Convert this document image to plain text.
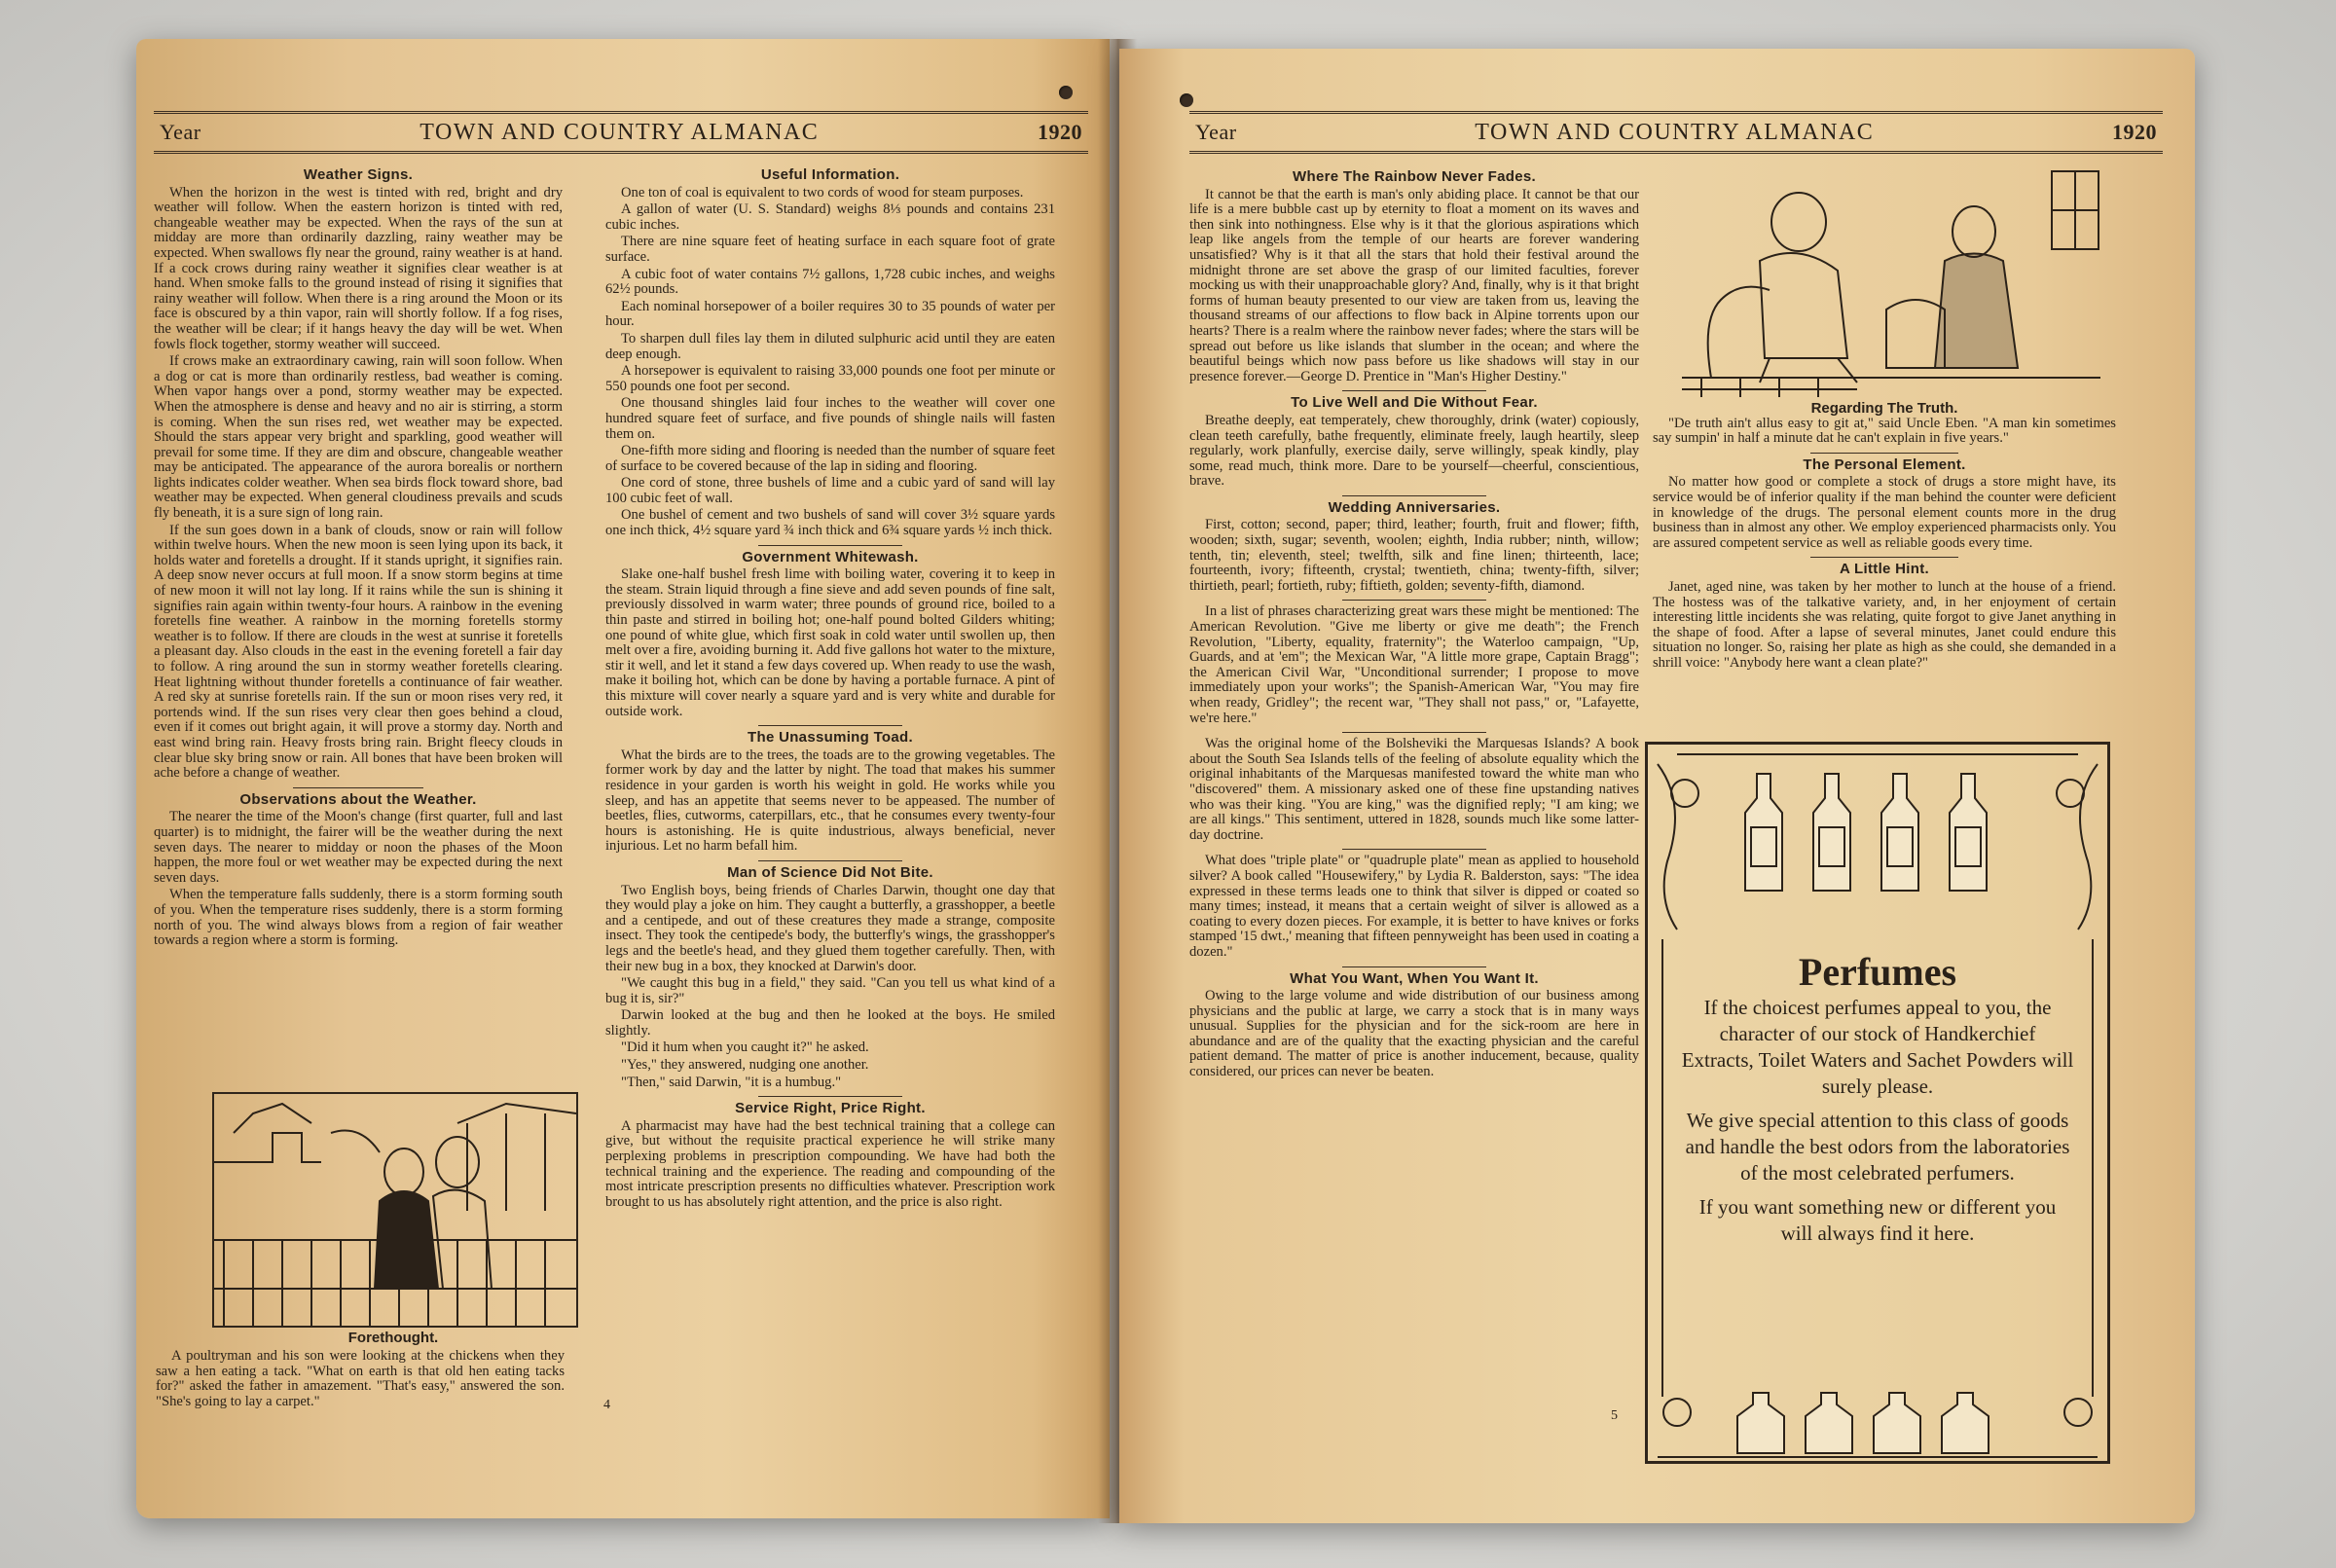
Year	TOWN AND COUNTRY ALMANAC	1920
Weather Signs.

When the horizon in the west is tinted with red, bright and dry weather will follow. When the eastern horizon is tinted with red, changeable weather may be expected. When the rays of the sun at midday are more than ordinarily dazzling, rainy weather may be expected. When swallows fly near the ground, rainy weather is at hand. If a cock crows during rainy weather it signifies clear weather is at hand. When smoke falls to the ground instead of rising it signifies that rainy weather will follow. When there is a ring around the Moon or its face is obscured by a thin vapor, rain will shortly follow. If a fog rises, the weather will be clear; if it hangs heavy the day will be wet. When fowls flock together, stormy weather will succeed.

If crows make an extraordinary cawing, rain will soon follow. When a dog or cat is more than ordinarily restless, bad weather is coming. When vapor hangs over a pond, stormy weather may be expected. When the atmosphere is dense and heavy and no air is stirring, a storm is coming. When the sun rises red, wet weather may be expected. Should the stars appear very bright and sparkling, good weather will prevail for some time. If they are dim and obscure, changeable weather may be anticipated. The appearance of the aurora borealis or northern lights indicates colder weather. When sea birds flock toward shore, bad weather may be expected. When general cloudiness prevails and scuds fly beneath, it is a sure sign of long rain.

If the sun goes down in a bank of clouds, snow or rain will follow within twelve hours. When the new moon is seen lying upon its back, it holds water and foretells a drought. If it stands upright, it signifies rain. A deep snow never occurs at full moon. If a snow storm begins at time of new moon it will not lay long. If it rains while the sun is shining it signifies rain again within twenty-four hours. A rainbow in the evening foretells fine weather. A rainbow in the morning foretells stormy weather is to follow. If there are clouds in the west at sunrise it foretells a pleasant day. Also clouds in the east in the evening foretell a fair day to follow. A ring around the sun in stormy weather foretells clearing. Heat lightning without thunder foretells a continuance of fair weather. A red sky at sunrise foretells rain. If the sun or moon rises very red, it portends wind. If the sun rises very clear then goes behind a cloud, even if it comes out bright again, it will prove a stormy day. North and east wind bring rain. Heavy frosts bring rain. Bright fleecy clouds in clear blue sky bring snow or rain. All bones that have been broken will ache before a change of weather.

Observations about the Weather.

The nearer the time of the Moon's change (first quarter, full and last quarter) is to midnight, the fairer will be the weather during the next seven days. The nearer to midday or noon the phases of the Moon happen, the more foul or wet weather may be expected during the next seven days.

When the temperature falls suddenly, there is a storm forming south of you. When the temperature rises suddenly, there is a storm forming north of you. The wind always blows from a region of fair weather towards a region where a storm is forming.

Forethought.

A poultryman and his son were looking at the chickens when they saw a hen eating a tack. "What on earth is that old hen eating tacks for?" asked the father in amazement. "That's easy," answered the son. "She's going to lay a carpet."

Useful Information.

One ton of coal is equivalent to two cords of wood for steam purposes.

A gallon of water (U. S. Standard) weighs 8⅓ pounds and contains 231 cubic inches.

There are nine square feet of heating surface in each square foot of grate surface.

A cubic foot of water contains 7½ gallons, 1,728 cubic inches, and weighs 62½ pounds.

Each nominal horsepower of a boiler requires 30 to 35 pounds of water per hour.

To sharpen dull files lay them in diluted sulphuric acid until they are eaten deep enough.

A horsepower is equivalent to raising 33,000 pounds one foot per minute or 550 pounds one foot per second.

One thousand shingles laid four inches to the weather will cover one hundred square feet of surface, and five pounds of shingle nails will fasten them on.

One-fifth more siding and flooring is needed than the number of square feet of surface to be covered because of the lap in siding and flooring.

One cord of stone, three bushels of lime and a cubic yard of sand will lay 100 cubic feet of wall.

One bushel of cement and two bushels of sand will cover 3½ square yards one inch thick, 4½ square yard ¾ inch thick and 6¾ square yards ½ inch thick.

Government Whitewash.

Slake one-half bushel fresh lime with boiling water, covering it to keep in the steam. Strain liquid through a fine sieve and add seven pounds of fine salt, previously dissolved in warm water; three pounds of ground rice, boiled to a thin paste and stirred in boiling hot; one-half pound bolted Gilders whiting; one pound of white glue, which first soak in cold water until swollen up, then melt over a fire, avoiding burning it. Add five gallons hot water to the mixture, stir it well, and let it stand a few days covered up. When ready to use the wash, make it boiling hot, which can be done by having a portable furnace. A pint of this mixture will cover nearly a square yard and is very white and durable for outside work.

The Unassuming Toad.

What the birds are to the trees, the toads are to the growing vegetables. The former work by day and the latter by night. The toad that makes his summer residence in your garden is worth his weight in gold. He works while you sleep, and has an appetite that seems never to be appeased. The number of beetles, flies, cutworms, caterpillars, etc., that he consumes every twenty-four hours is astonishing. He is quite industrious, always beneficial, never injurious. Let no harm befall him.

Man of Science Did Not Bite.

Two English boys, being friends of Charles Darwin, thought one day that they would play a joke on him. They caught a butterfly, a grasshopper, a beetle and a centipede, and out of these creatures they made a strange, composite insect. They took the centipede's body, the butterfly's wings, the grasshopper's legs and the beetle's head, and they glued them together carefully. Then, with their new bug in a box, they knocked at Darwin's door.

"We caught this bug in a field," they said. "Can you tell us what kind of a bug it is, sir?"

Darwin looked at the bug and then he looked at the boys. He smiled slightly.

"Did it hum when you caught it?" he asked.

"Yes," they answered, nudging one another.

"Then," said Darwin, "it is a humbug."

Service Right, Price Right.

A pharmacist may have had the best technical training that a college can give, but without the requisite practical experience he will strike many perplexing problems in prescription compounding. We have had both the technical training and the experience. The reading and compounding of the most intricate prescription presents no difficulties whatever. Prescription work brought to us has absolutely right attention, and the price is also right.

4
Year	TOWN AND COUNTRY ALMANAC	1920
Where The Rainbow Never Fades.

It cannot be that the earth is man's only abiding place. It cannot be that our life is a mere bubble cast up by eternity to float a moment on its waves and then sink into nothingness. Else why is it that the glorious aspirations which leap like angels from the temple of our hearts are forever wandering unsatisfied? Why is it that all the stars that hold their festival around the midnight throne are set above the grasp of our limited faculties, forever mocking us with their unapproachable glory? And, finally, why is it that bright forms of human beauty presented to our view are taken from us, leaving the thousand streams of our affections to flow back in Alpine torrents upon our hearts? There is a realm where the rainbow never fades; where the stars will be spread out before us like islands that slumber in the ocean; and where the beautiful beings which now pass before us like shadows will stay in our presence forever.—George D. Prentice in "Man's Higher Destiny."

To Live Well and Die Without Fear.

Breathe deeply, eat temperately, chew thoroughly, drink (water) copiously, clean teeth carefully, bathe frequently, eliminate freely, laugh heartily, sleep regularly, work planfully, exercise daily, serve willingly, speak kindly, play some, read much, think more. Dare to be yourself—cheerful, conscientious, brave.

Wedding Anniversaries.

First, cotton; second, paper; third, leather; fourth, fruit and flower; fifth, wooden; sixth, sugar; seventh, woolen; eighth, India rubber; ninth, willow; tenth, tin; eleventh, steel; twelfth, silk and fine linen; thirteenth, lace; fourteenth, ivory; fifteenth, crystal; twentieth, china; twenty-fifth, silver; thirtieth, pearl; fortieth, ruby; fiftieth, golden; seventy-fifth, diamond.

In a list of phrases characterizing great wars these might be mentioned: The American Revolution. "Give me liberty or give me death"; the French Revolution, "Liberty, equality, fraternity"; the Waterloo campaign, "Up, Guards, and at 'em"; the Mexican War, "A little more grape, Captain Bragg"; the American Civil War, "Unconditional surrender; I propose to move immediately upon your works"; the Spanish-American War, "You may fire when ready, Gridley"; the recent war, "They shall not pass," or, "Lafayette, we're here."

Was the original home of the Bolsheviki the Marquesas Islands? A book about the South Sea Islands tells of the feeling of absolute equality which the original inhabitants of the Marquesas manifested toward the white man who "discovered" them. A missionary asked one of these fine upstanding natives who was their king. "You are king," was the dignified reply; "I am king; we are all kings." This sentiment, uttered in 1828, sounds much like some latter-day doctrine.

What does "triple plate" or "quadruple plate" mean as applied to household silver? A book called "Housewifery," by Lydia R. Balderston, says: "The idea expressed in these terms leads one to think that silver is dipped or coated so many times; instead, it means that a certain weight of silver is allowed as a coating to every dozen pieces. For example, it is better to have knives or forks stamped '15 dwt.,' meaning that fifteen pennyweight has been used in coating a dozen."

What You Want, When You Want It.

Owing to the large volume and wide distribution of our business among physicians and the public at large, we carry a stock that is in many ways unusual. Supplies for the physician and for the sick-room are here in abundance and are of the quality that the exacting physician and the careful patient demand. The matter of price is another inducement, because, quality considered, our prices can never be beaten.

Regarding The Truth.

"De truth ain't allus easy to git at," said Uncle Eben. "A man kin sometimes say sumpin' in half a minute dat he can't explain in five years."

The Personal Element.

No matter how good or complete a stock of drugs a store might have, its service would be of inferior quality if the man behind the counter were deficient in knowledge of the drugs. The personal element counts more in the drug business than in almost any other. We employ experienced pharmacists only. You are assured competent service as well as reliable goods every time.

A Little Hint.

Janet, aged nine, was taken by her mother to lunch at the house of a friend. The hostess was of the talkative variety, and, in her enjoyment of certain interesting little incidents she was relating, quite forgot to give Janet anything in the shape of food. After a lapse of several minutes, Janet could endure this situation no longer. So, raising her plate as high as she could, she demanded in a shrill voice: "Anybody here want a clean plate?"

Perfumes

If the choicest perfumes appeal to you, the character of our stock of Handkerchief Extracts, Toilet Waters and Sachet Powders will surely please.

We give special attention to this class of goods and handle the best odors from the laboratories of the most celebrated perfumers.

If you want something new or different you will always find it here.

5
